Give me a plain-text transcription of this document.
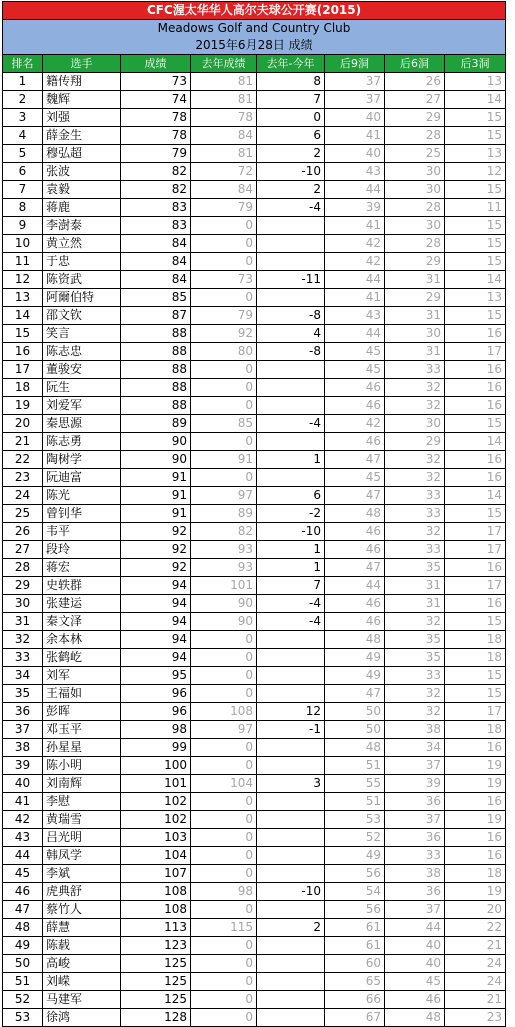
CFC渥太华华人高尔夫球公开赛(2015)							
Meadows Golf and Country Club							
2015年6月28日 成绩							
排名	选手	成绩	去年成绩	去年-今年	后9洞	后6洞	后3洞
1	籍传翔	73	81	8	37	26	13
2	魏辉	74	81	7	37	27	14
3	刘强	78	78	0	40	29	15
4	薛金生	78	84	6	41	28	15
5	穆弘超	79	81	2	40	25	13
6	张波	82	72	-10	43	30	12
7	袁毅	82	84	2	44	30	15
8	蒋鹿	83	79	-4	39	28	11
9	李澍泰	83	0		41	30	15
10	黄立然	84	0		42	28	15
11	于忠	84	0		42	29	15
12	陈资武	84	73	-11	44	31	14
13	阿爾伯特	85	0		41	29	13
14	邵文钦	87	79	-8	43	31	15
15	笑言	88	92	4	44	30	16
16	陈志忠	88	80	-8	45	31	17
17	董骏安	88	0		45	33	16
18	阮生	88	0		46	32	16
19	刘爱军	88	0		46	32	16
20	秦思源	89	85	-4	42	30	15
21	陈志勇	90	0		46	29	14
22	陶树学	90	91	1	47	32	16
23	阮迪富	91	0		45	32	16
24	陈光	91	97	6	47	33	14
25	曾钊华	91	89	-2	48	33	15
26	韦平	92	82	-10	46	32	17
27	段玲	92	93	1	46	33	17
28	蒋宏	92	93	1	47	35	16
29	史轶群	94	101	7	44	31	17
30	张建运	94	90	-4	46	31	16
31	秦文泽	94	90	-4	46	32	15
32	余本林	94	0		48	35	18
33	张鹤屹	94	0		49	35	18
34	刘军	95	0		49	33	15
35	王福如	96	0		47	32	15
36	彭晖	96	108	12	50	32	17
37	邓玉平	98	97	-1	50	38	18
38	孙星星	99	0		48	34	16
39	陈小明	100	0		51	37	19
40	刘南辉	101	104	3	55	39	19
41	李慰	102	0		51	36	16
42	黄瑞雪	102	0		53	37	19
43	吕光明	103	0		52	36	16
44	韩凤学	104	0		49	33	16
45	李斌	107	0		56	38	18
46	虎典舒	108	98	-10	54	36	19
47	蔡竹人	108	0		56	37	20
48	薛慧	113	115	2	61	44	22
49	陈载	123	0		61	40	21
50	高峻	125	0		60	40	24
51	刘嵘	125	0		65	45	24
52	马建军	125	0		66	46	21
53	徐鸿	128	0		67	48	23
